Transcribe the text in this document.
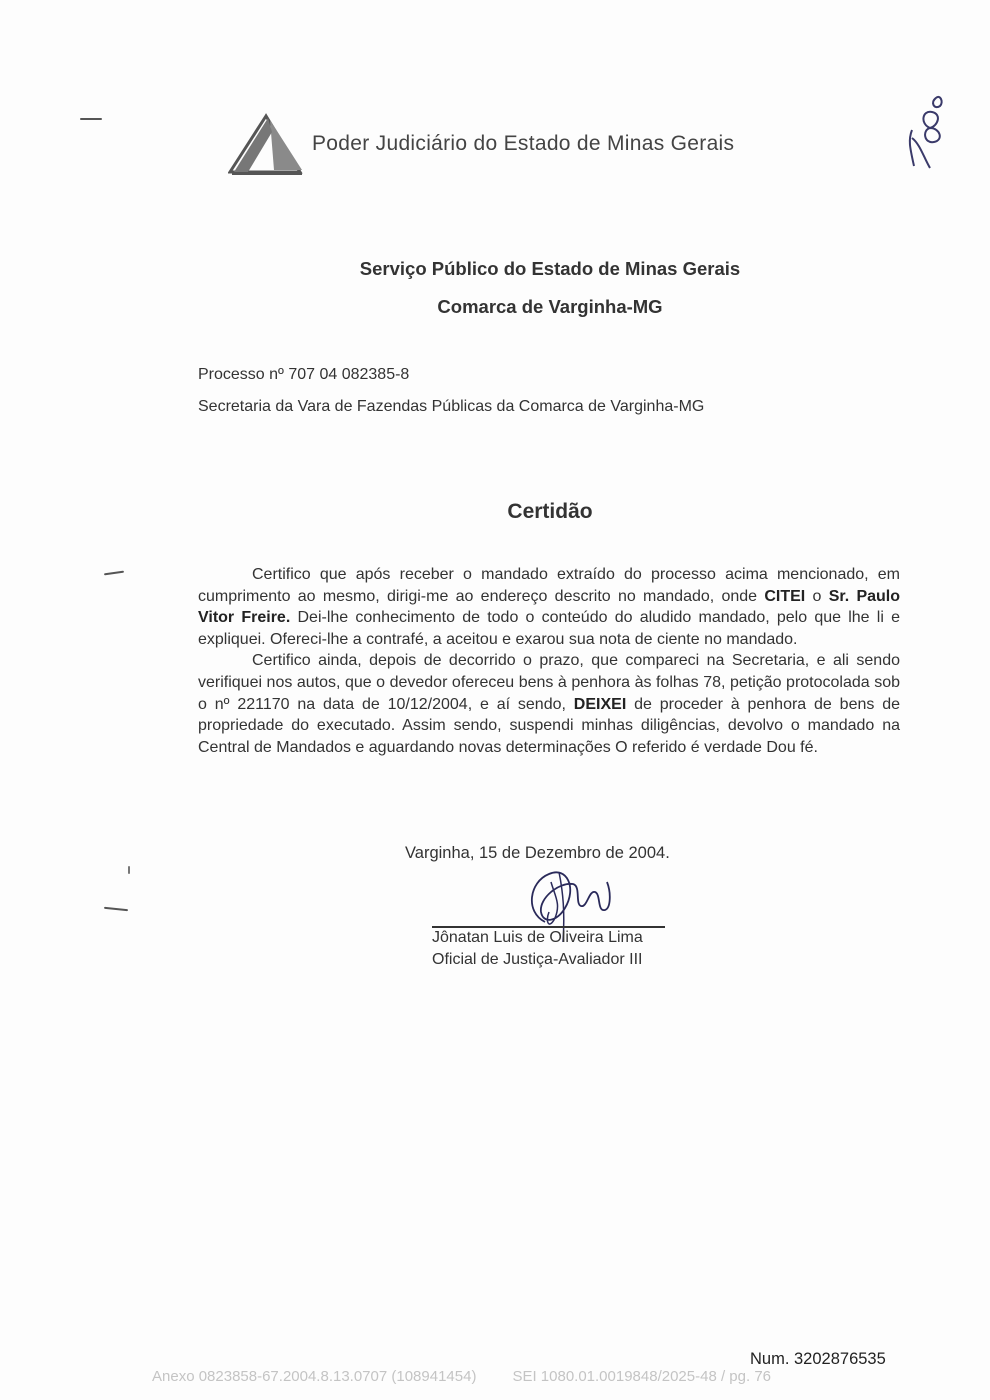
Poder Judiciário do Estado de Minas Gerais
Serviço Público do Estado de Minas Gerais
Comarca de Varginha-MG
Processo nº 707 04 082385-8
Secretaria da Vara de Fazendas Públicas da Comarca de Varginha-MG
Certidão

Certifico que após receber o mandado extraído do processo acima mencionado, em cumprimento ao mesmo, dirigi-me ao endereço descrito no mandado, onde CITEI o Sr. Paulo Vitor Freire. Dei-lhe conhecimento de todo o conteúdo do aludido mandado, pelo que lhe li e expliquei. Ofereci-lhe a contrafé, a aceitou e exarou sua nota de ciente no mandado.

Certifico ainda, depois de decorrido o prazo, que compareci na Secretaria, e ali sendo verifiquei nos autos, que o devedor ofereceu bens à penhora às folhas 78, petição protocolada sob o nº 221170 na data de 10/12/2004, e aí sendo, DEIXEI de proceder à penhora de bens de propriedade do executado. Assim sendo, suspendi minhas diligências, devolvo o mandado na Central de Mandados e aguardando novas determinações O referido é verdade Dou fé.

Varginha, 15 de Dezembro de 2004.
Jônatan Luis de Oliveira Lima
Oficial de Justiça-Avaliador III
Num. 3202876535
Anexo 0823858-67.2004.8.13.0707 (108941454) SEI 1080.01.0019848/2025-48 / pg. 76
